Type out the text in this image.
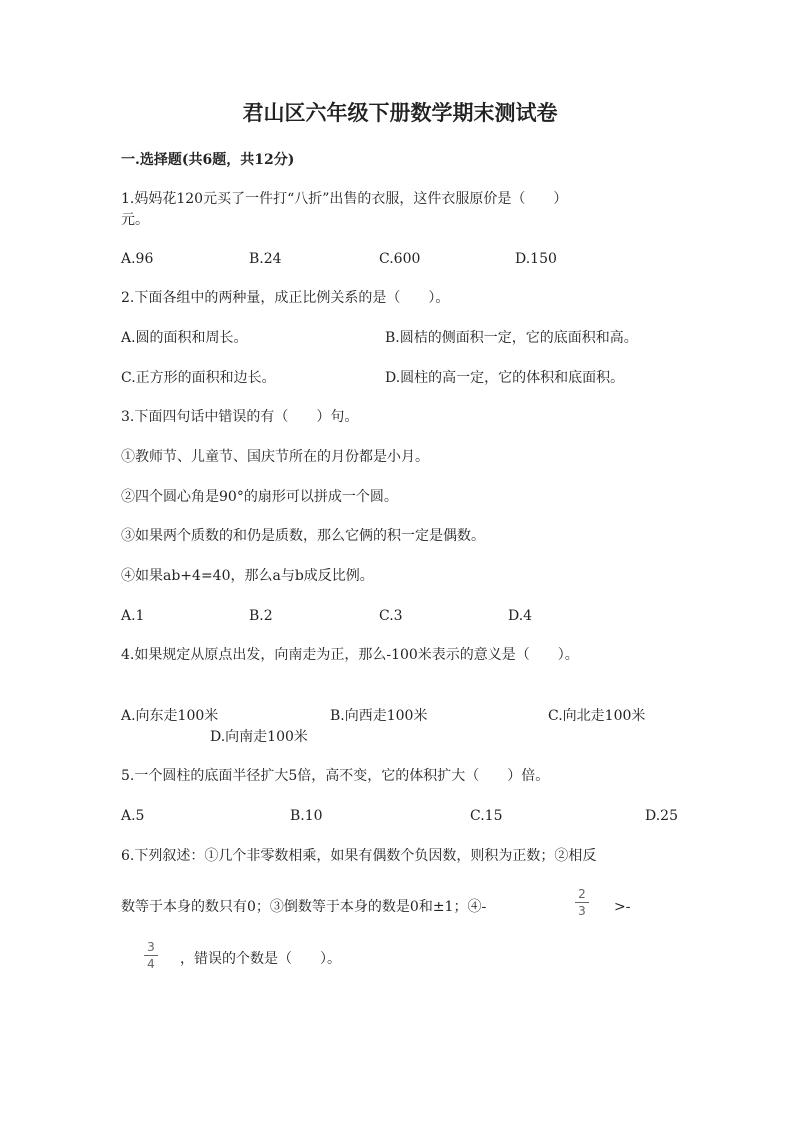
君山区六年级下册数学期末测试卷
一.选择题(共6题，共12分)
1.妈妈花120元买了一件打“八折”出售的衣服，这件衣服原价是（　　）
元。
A.96	B.24	C.600	D.150
2.下面各组中的两种量，成正比例关系的是（　　）。
A.圆的面积和周长。	B.圆桔的侧面积一定，它的底面积和高。
C.正方形的面积和边长。	D.圆柱的高一定，它的体积和底面积。
3.下面四句话中错误的有（　　）句。
①教师节、儿童节、国庆节所在的月份都是小月。
②四个圆心角是90°的扇形可以拼成一个圆。
③如果两个质数的和仍是质数，那么它俩的积一定是偶数。
④如果ab+4=40，那么a与b成反比例。
A.1	B.2	C.3	D.4
4.如果规定从原点出发，向南走为正，那么-100米表示的意义是（　　）。
A.向东走100米	B.向西走100米	C.向北走100米
D.向南走100米
5.一个圆柱的底面半径扩大5倍，高不变，它的体积扩大（　　）倍。
A.5	B.10	C.15	D.25
6.下列叙述：①几个非零数相乘，如果有偶数个负因数，则积为正数；②相反
数等于本身的数只有0；③倒数等于本身的数是0和±1；④-
2
3 >-
3
4 ，错误的个数是（　　）。
